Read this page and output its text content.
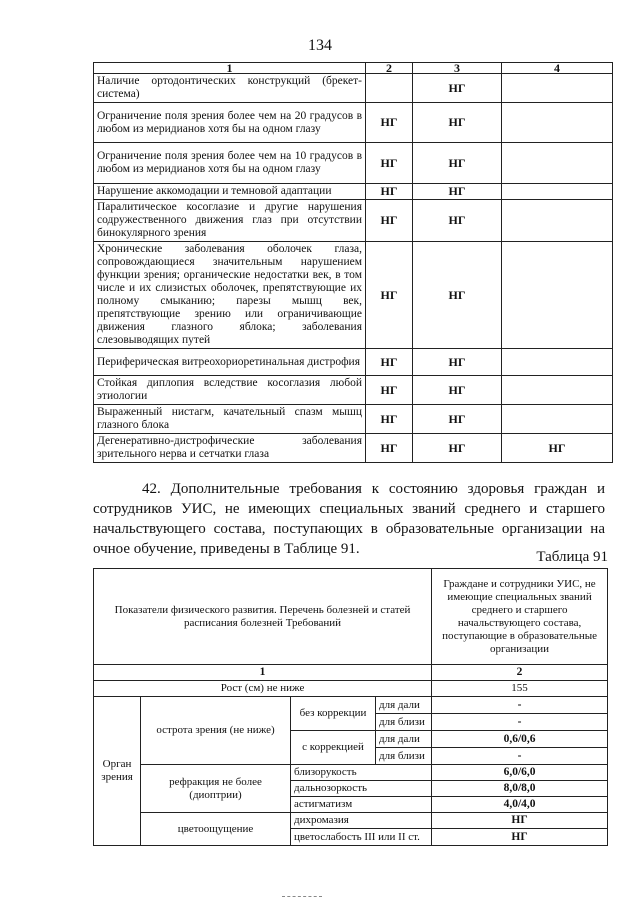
134
1	2	3	4
Наличие ортодонтических конструкций (брекет-система)		НГ	
Ограничение поля зрения более чем на 20 градусов в любом из меридианов хотя бы на одном глазу	НГ	НГ	
Ограничение поля зрения более чем на 10 градусов в любом из меридианов хотя бы на одном глазу	НГ	НГ	
Нарушение аккомодации и темновой адаптации	НГ	НГ	
Паралитическое косоглазие и другие нарушения содружественного движения глаз при отсутствии бинокулярного зрения	НГ	НГ	
Хронические заболевания оболочек глаза, сопровождающиеся значительным нарушением функции зрения; органические недостатки век, в том числе и их слизистых оболочек, препятствующие их полному смыканию; парезы мышц век, препятствующие зрению или ограничивающие движения глазного яблока; заболевания слезовыводящих путей	НГ	НГ	
Периферическая витреохориоретинальная дистрофия	НГ	НГ	
Стойкая диплопия вследствие косоглазия любой этиологии	НГ	НГ	
Выраженный нистагм, качательный спазм мышц глазного блока	НГ	НГ	
Дегенеративно-дистрофические заболевания зрительного нерва и сетчатки глаза	НГ	НГ	НГ

42. Дополнительные требования к состоянию здоровья граждан и сотрудников УИС, не имеющих специальных званий среднего и старшего начальствующего состава, поступающих в образовательные организации на очное обучение, приведены в Таблице 91.	Таблица 91
Показатели физического развития. Перечень болезней и статей расписания болезней Требований				Граждане и сотрудники УИС, не имеющие специальных званий среднего и старшего начальствующего состава, поступающие в образовательные организации
1				2
Рост (см) не ниже				155
Орган зрения	острота зрения (не ниже)	без коррекции	для дали	-
			для близи	-
		с коррекцией	для дали	0,6/0,6
			для близи	-
	рефракция не более (диоптрии)	близорукость		6,0/6,0
		дальнозоркость		8,0/8,0
		астигматизм		4,0/4,0
	цветоощущение	дихромазия		НГ
		цветослабость III или II ст.		НГ
